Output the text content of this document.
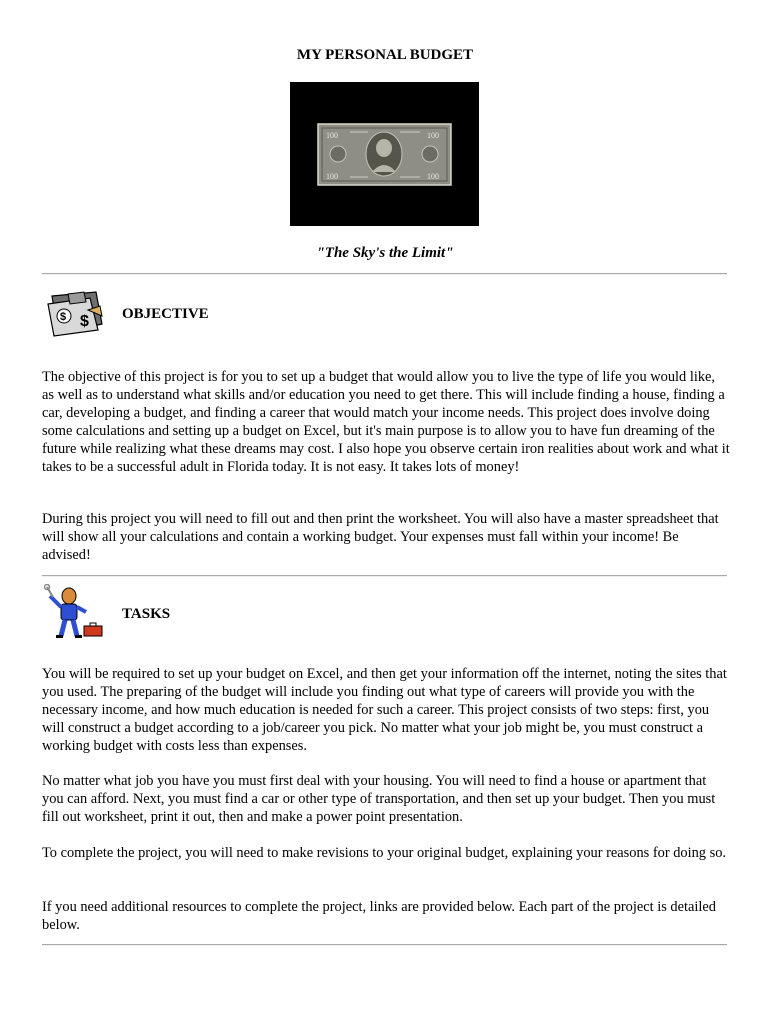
MY PERSONAL BUDGET
100	100
100	100
"The Sky's the Limit"
$ $ OBJECTIVE

The objective of this project is for you to set up a budget that would allow you to live the type of life you would like, as well as to understand what skills and/or education you need to get there. This will include finding a house, finding a car, developing a budget, and finding a career that would match your income needs. This project does involve doing some calculations and setting up a budget on Excel, but it's main purpose is to allow you to have fun dreaming of the future while realizing what these dreams may cost. I also hope you observe certain iron realities about work and what it takes to be a successful adult in Florida today. It is not easy. It takes lots of money!

During this project you will need to fill out and then print the worksheet. You will also have a master spreadsheet that will show all your calculations and contain a working budget. Your expenses must fall within your income! Be advised!

TASKS

You will be required to set up your budget on Excel, and then get your information off the internet, noting the sites that you used. The preparing of the budget will include you finding out what type of careers will provide you with the necessary income, and how much education is needed for such a career. This project consists of two steps: first, you will construct a budget according to a job/career you pick. No matter what your job might be, you must construct a working budget with costs less than expenses.

No matter what job you have you must first deal with your housing. You will need to find a house or apartment that you can afford. Next, you must find a car or other type of transportation, and then set up your budget. Then you must fill out worksheet, print it out, then and make a power point presentation.

To complete the project, you will need to make revisions to your original budget, explaining your reasons for doing so.

If you need additional resources to complete the project, links are provided below. Each part of the project is detailed below.
